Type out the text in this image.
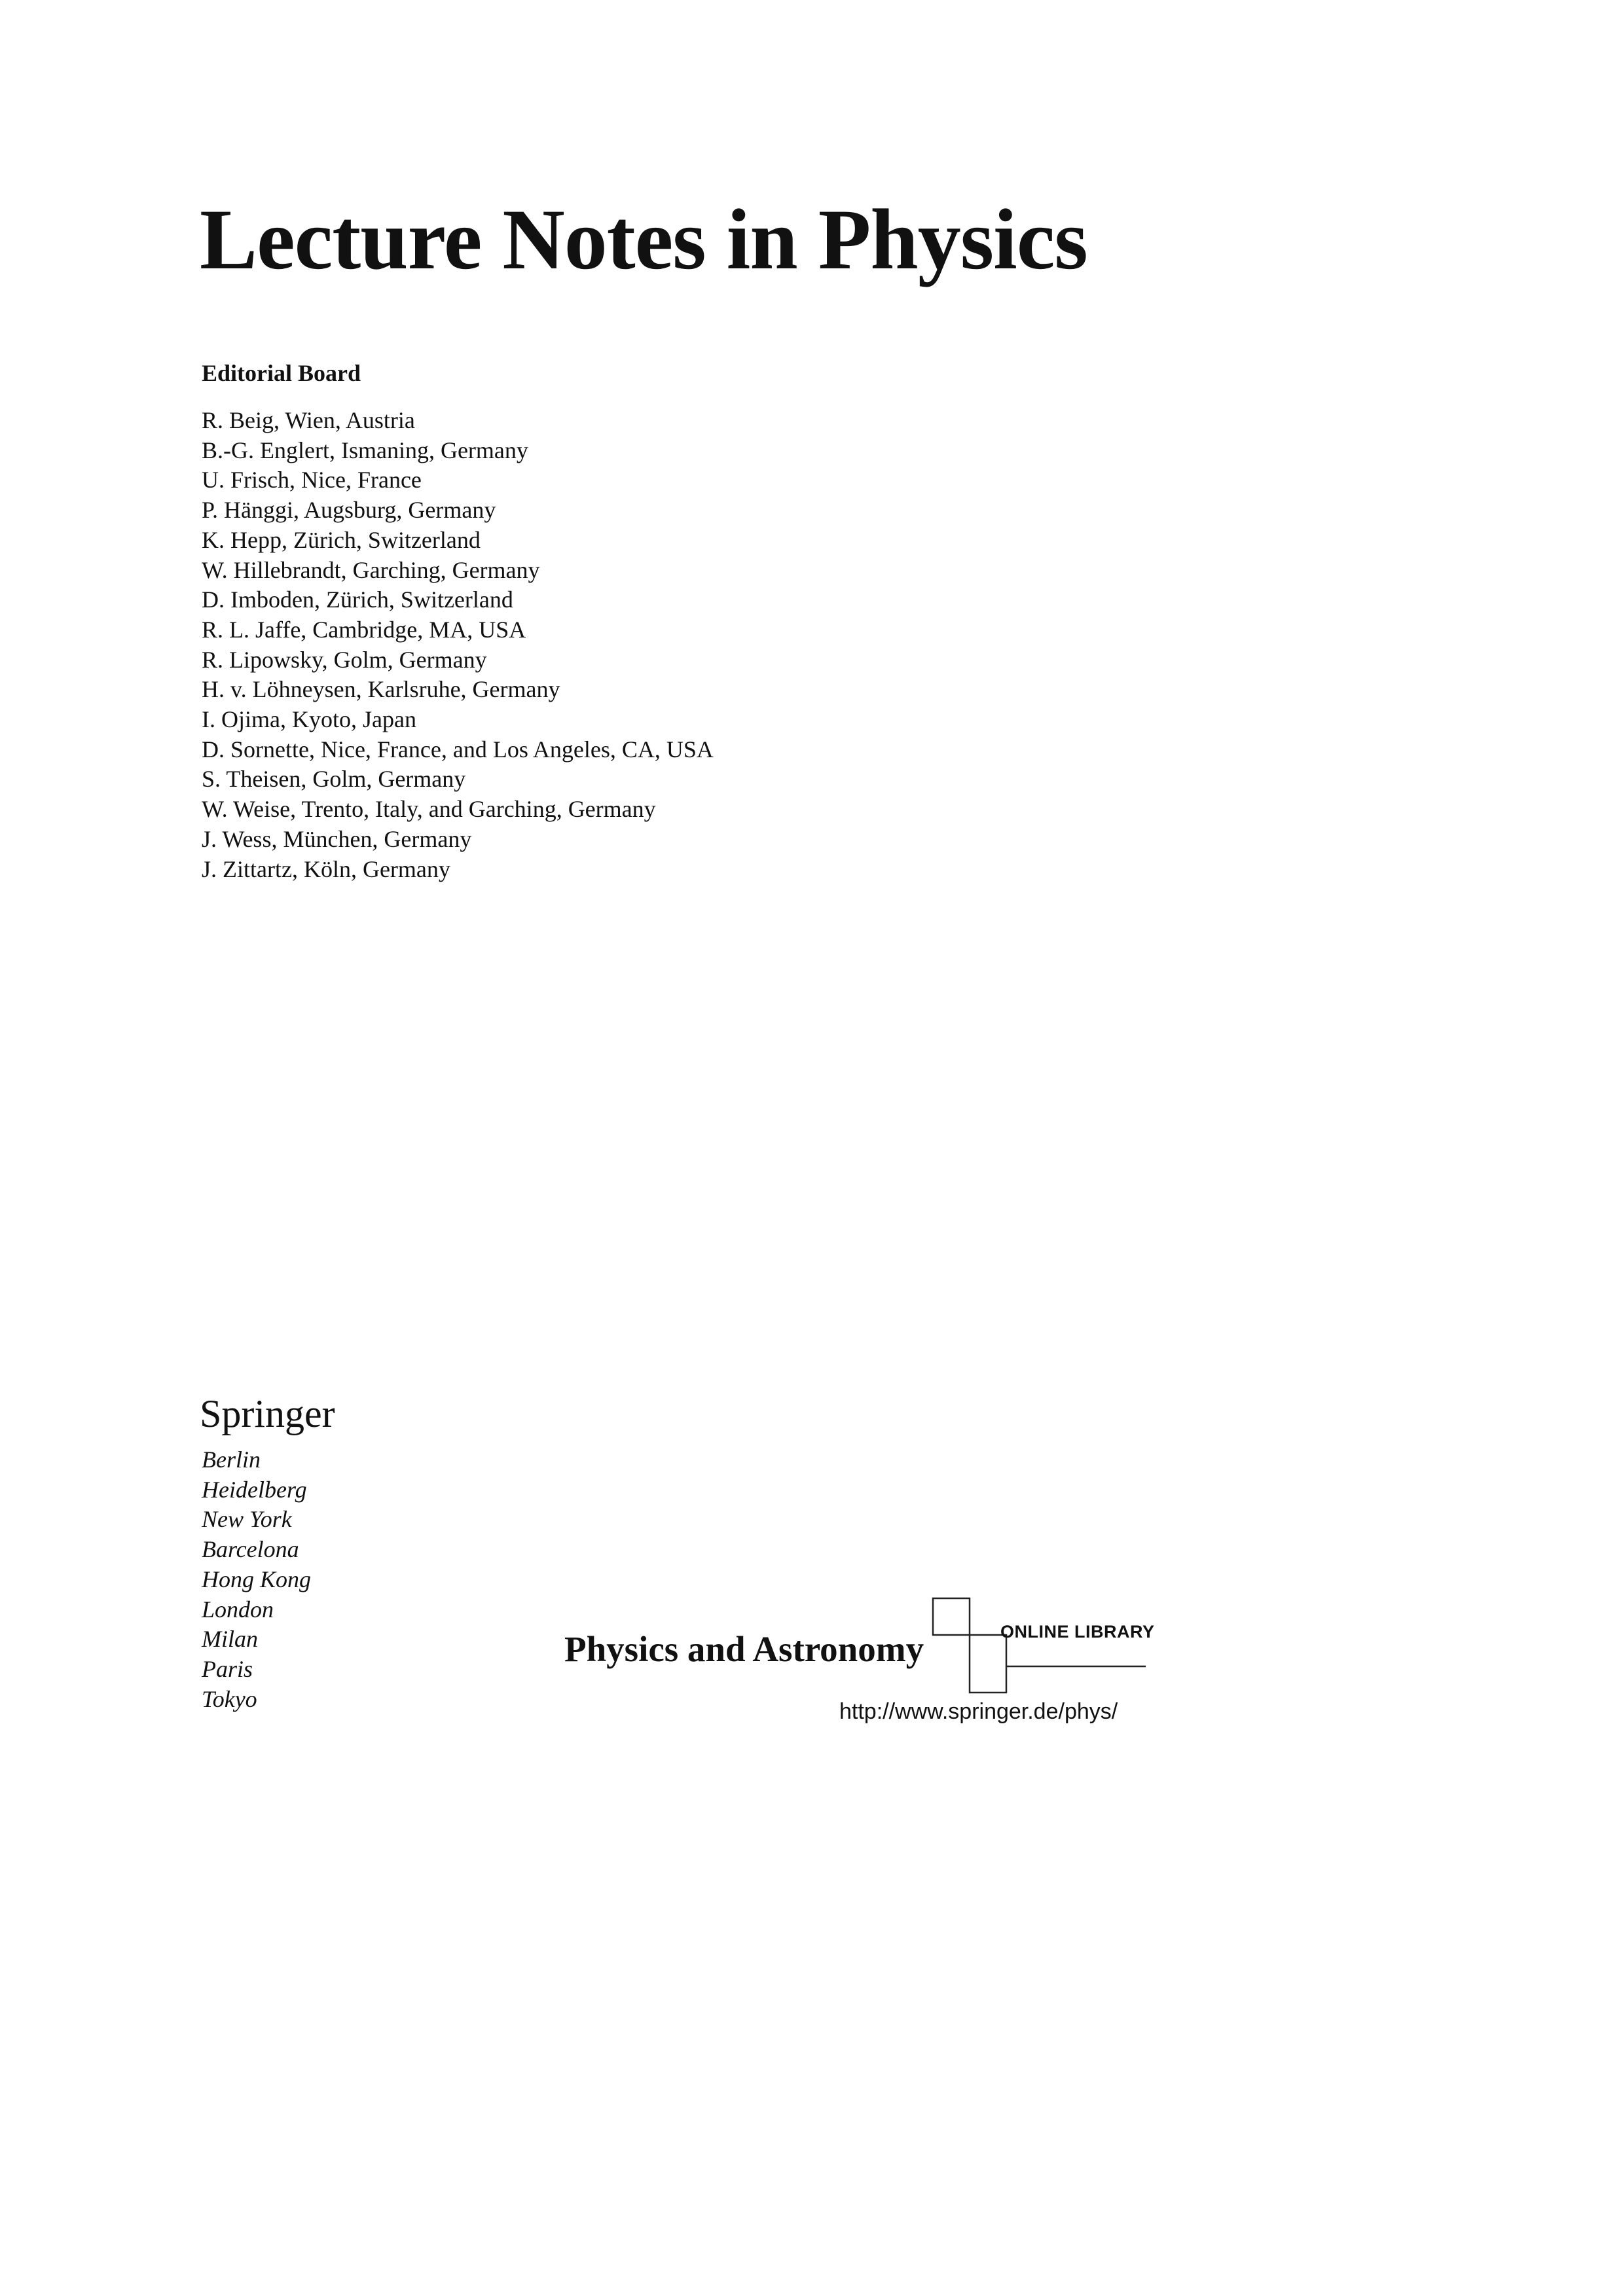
Lecture Notes in Physics
Editorial Board
R. Beig, Wien, Austria
B.-G. Englert, Ismaning, Germany
U. Frisch, Nice, France
P. Hänggi, Augsburg, Germany
K. Hepp, Zürich, Switzerland
W. Hillebrandt, Garching, Germany
D. Imboden, Zürich, Switzerland
R. L. Jaffe, Cambridge, MA, USA
R. Lipowsky, Golm, Germany
H. v. Löhneysen, Karlsruhe, Germany
I. Ojima, Kyoto, Japan
D. Sornette, Nice, France, and Los Angeles, CA, USA
S. Theisen, Golm, Germany
W. Weise, Trento, Italy, and Garching, Germany
J. Wess, München, Germany
J. Zittartz, Köln, Germany
Springer
Berlin
Heidelberg
New York
Barcelona
Hong Kong
London
Milan
Paris
Tokyo
Physics and Astronomy	ONLINE LIBRARY
http://www.springer.de/phys/
